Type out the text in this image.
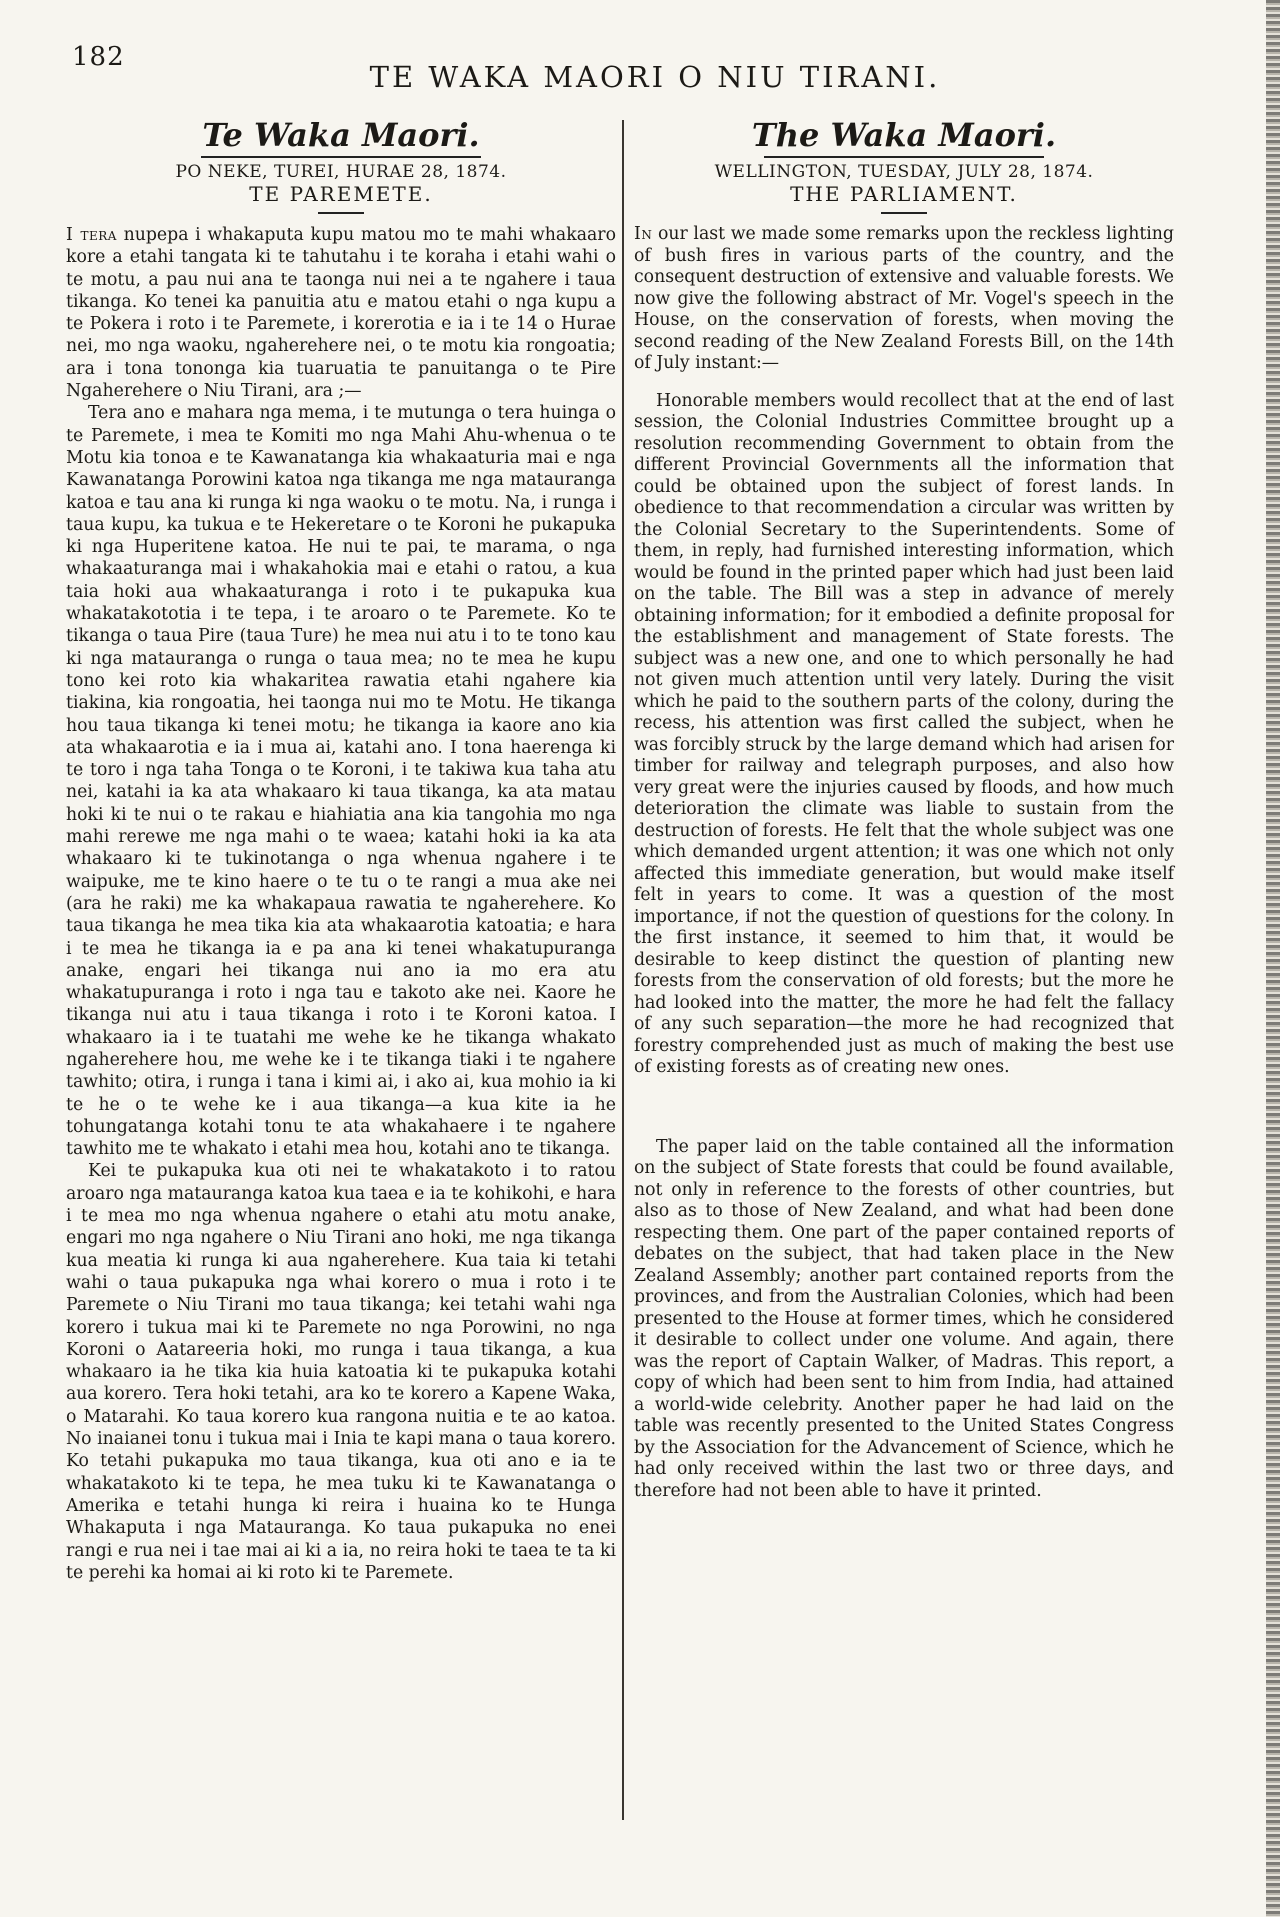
182
TE WAKA MAORI O NIU TIRANI.
Te Waka Maori.

PO NEKE, TUREI, HURAE 28, 1874.

TE PAREMETE.

I tera nupepa i whakaputa kupu matou mo te mahi whakaaro kore a etahi tangata ki te tahutahu i te koraha i etahi wahi o te motu, a pau nui ana te taonga nui nei a te ngahere i taua tikanga. Ko tenei ka panuitia atu e matou etahi o nga kupu a te Pokera i roto i te Paremete, i korerotia e ia i te 14 o Hurae nei, mo nga waoku, ngaherehere nei, o te motu kia rongoatia; ara i tona tononga kia tuaruatia te panuitanga o te Pire Ngaherehere o Niu Tirani, ara ;—

Tera ano e mahara nga mema, i te mutunga o tera huinga o te Paremete, i mea te Komiti mo nga Mahi Ahu-whenua o te Motu kia tonoa e te Kawanatanga kia whakaaturia mai e nga Kawanatanga Porowini katoa nga tikanga me nga matauranga katoa e tau ana ki runga ki nga waoku o te motu. Na, i runga i taua kupu, ka tukua e te Hekeretare o te Koroni he pukapuka ki nga Huperitene katoa. He nui te pai, te marama, o nga whakaaturanga mai i whakahokia mai e etahi o ratou, a kua taia hoki aua whakaaturanga i roto i te pukapuka kua whakatakototia i te tepa, i te aroaro o te Paremete. Ko te tikanga o taua Pire (taua Ture) he mea nui atu i to te tono kau ki nga matauranga o runga o taua mea; no te mea he kupu tono kei roto kia whakaritea rawatia etahi ngahere kia tiakina, kia rongoatia, hei taonga nui mo te Motu. He tikanga hou taua tikanga ki tenei motu; he tikanga ia kaore ano kia ata whakaarotia e ia i mua ai, katahi ano. I tona haerenga ki te toro i nga taha Tonga o te Koroni, i te takiwa kua taha atu nei, katahi ia ka ata whakaaro ki taua tikanga, ka ata matau hoki ki te nui o te rakau e hiahiatia ana kia tangohia mo nga mahi rerewe me nga mahi o te waea; katahi hoki ia ka ata whakaaro ki te tukinotanga o nga whenua ngahere i te waipuke, me te kino haere o te tu o te rangi a mua ake nei (ara he raki) me ka whakapaua rawatia te ngaherehere. Ko taua tikanga he mea tika kia ata whakaarotia katoatia; e hara i te mea he tikanga ia e pa ana ki tenei whakatupuranga anake, engari hei tikanga nui ano ia mo era atu whakatupuranga i roto i nga tau e takoto ake nei. Kaore he tikanga nui atu i taua tikanga i roto i te Koroni katoa. I whakaaro ia i te tuatahi me wehe ke he tikanga whakato ngaherehere hou, me wehe ke i te tikanga tiaki i te ngahere tawhito; otira, i runga i tana i kimi ai, i ako ai, kua mohio ia ki te he o te wehe ke i aua tikanga—a kua kite ia he tohungatanga kotahi tonu te ata whakahaere i te ngahere tawhito me te whakato i etahi mea hou, kotahi ano te tikanga.

Kei te pukapuka kua oti nei te whakatakoto i to ratou aroaro nga matauranga katoa kua taea e ia te kohikohi, e hara i te mea mo nga whenua ngahere o etahi atu motu anake, engari mo nga ngahere o Niu Tirani ano hoki, me nga tikanga kua meatia ki runga ki aua ngaherehere. Kua taia ki tetahi wahi o taua pukapuka nga whai korero o mua i roto i te Paremete o Niu Tirani mo taua tikanga; kei tetahi wahi nga korero i tukua mai ki te Paremete no nga Porowini, no nga Koroni o Aatareeria hoki, mo runga i taua tikanga, a kua whakaaro ia he tika kia huia katoatia ki te pukapuka kotahi aua korero. Tera hoki tetahi, ara ko te korero a Kapene Waka, o Matarahi. Ko taua korero kua rangona nuitia e te ao katoa. No inaianei tonu i tukua mai i Inia te kapi mana o taua korero. Ko tetahi pukapuka mo taua tikanga, kua oti ano e ia te whakatakoto ki te tepa, he mea tuku ki te Kawanatanga o Amerika e tetahi hunga ki reira i huaina ko te Hunga Whakaputa i nga Matauranga. Ko taua pukapuka no enei rangi e rua nei i tae mai ai ki a ia, no reira hoki te taea te ta ki te perehi ka homai ai ki roto ki te Paremete.

The Waka Maori.

WELLINGTON, TUESDAY, JULY 28, 1874.

THE PARLIAMENT.

In our last we made some remarks upon the reckless lighting of bush fires in various parts of the country, and the consequent destruction of extensive and valuable forests. We now give the following abstract of Mr. Vogel's speech in the House, on the conservation of forests, when moving the second reading of the New Zealand Forests Bill, on the 14th of July instant:—

Honorable members would recollect that at the end of last session, the Colonial Industries Committee brought up a resolution recommending Government to obtain from the different Provincial Governments all the information that could be obtained upon the subject of forest lands. In obedience to that recommendation a circular was written by the Colonial Secretary to the Superintendents. Some of them, in reply, had furnished interesting information, which would be found in the printed paper which had just been laid on the table. The Bill was a step in advance of merely obtaining information; for it embodied a definite proposal for the establishment and management of State forests. The subject was a new one, and one to which personally he had not given much attention until very lately. During the visit which he paid to the southern parts of the colony, during the recess, his attention was first called the subject, when he was forcibly struck by the large demand which had arisen for timber for railway and telegraph purposes, and also how very great were the injuries caused by floods, and how much deterioration the climate was liable to sustain from the destruction of forests. He felt that the whole subject was one which demanded urgent attention; it was one which not only affected this immediate generation, but would make itself felt in years to come. It was a question of the most importance, if not the question of questions for the colony. In the first instance, it seemed to him that, it would be desirable to keep distinct the question of planting new forests from the conservation of old forests; but the more he had looked into the matter, the more he had felt the fallacy of any such separation—the more he had recognized that forestry comprehended just as much of making the best use of existing forests as of creating new ones.

The paper laid on the table contained all the information on the subject of State forests that could be found available, not only in reference to the forests of other countries, but also as to those of New Zealand, and what had been done respecting them. One part of the paper contained reports of debates on the subject, that had taken place in the New Zealand Assembly; another part contained reports from the provinces, and from the Australian Colonies, which had been presented to the House at former times, which he considered it desirable to collect under one volume. And again, there was the report of Captain Walker, of Madras. This report, a copy of which had been sent to him from India, had attained a world-wide celebrity. Another paper he had laid on the table was recently presented to the United States Congress by the Association for the Advancement of Science, which he had only received within the last two or three days, and therefore had not been able to have it printed.
